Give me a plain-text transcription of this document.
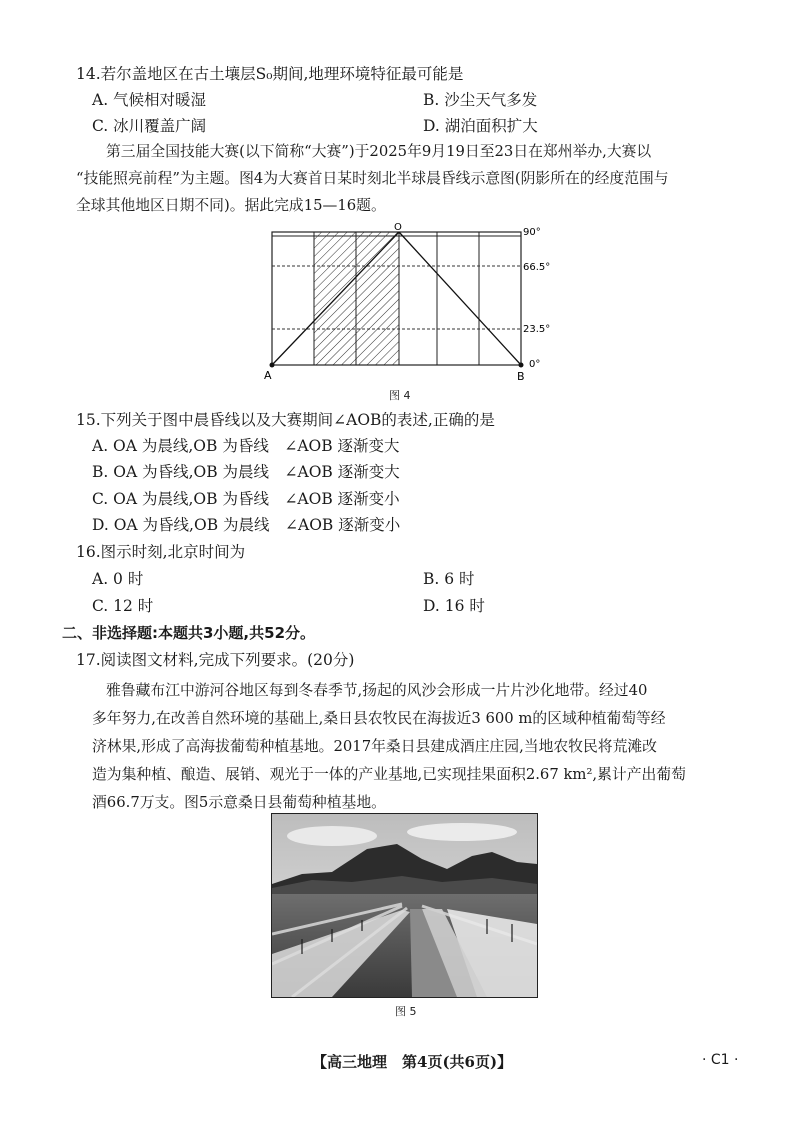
14.若尔盖地区在古土壤层S₀期间,地理环境特征最可能是
A. 气候相对暖湿	B. 沙尘天气多发
C. 冰川覆盖广阔	D. 湖泊面积扩大
第三届全国技能大赛(以下简称“大赛”)于2025年9月19日至23日在郑州举办,大赛以
“技能照亮前程”为主题。图4为大赛首日某时刻北半球晨昏线示意图(阴影所在的经度范围与
全球其他地区日期不同)。据此完成15—16题。
O
A	B
90°
66.5°
23.5°
0°
图 4
15.下列关于图中晨昏线以及大赛期间∠AOB的表述,正确的是
A. OA 为晨线,OB 为昏线　∠AOB 逐渐变大
B. OA 为昏线,OB 为晨线　∠AOB 逐渐变大
C. OA 为晨线,OB 为昏线　∠AOB 逐渐变小
D. OA 为昏线,OB 为晨线　∠AOB 逐渐变小
16.图示时刻,北京时间为
A. 0 时	B. 6 时
C. 12 时	D. 16 时
二、非选择题:本题共3小题,共52分。
17.阅读图文材料,完成下列要求。(20分)
雅鲁藏布江中游河谷地区每到冬春季节,扬起的风沙会形成一片片沙化地带。经过40
多年努力,在改善自然环境的基础上,桑日县农牧民在海拔近3 600 m的区域种植葡萄等经
济林果,形成了高海拔葡萄种植基地。2017年桑日县建成酒庄庄园,当地农牧民将荒滩改
造为集种植、酿造、展销、观光于一体的产业基地,已实现挂果面积2.67 km²,累计产出葡萄
酒66.7万支。图5示意桑日县葡萄种植基地。
图 5
【高三地理　第4页(共6页)】	· C1 ·
